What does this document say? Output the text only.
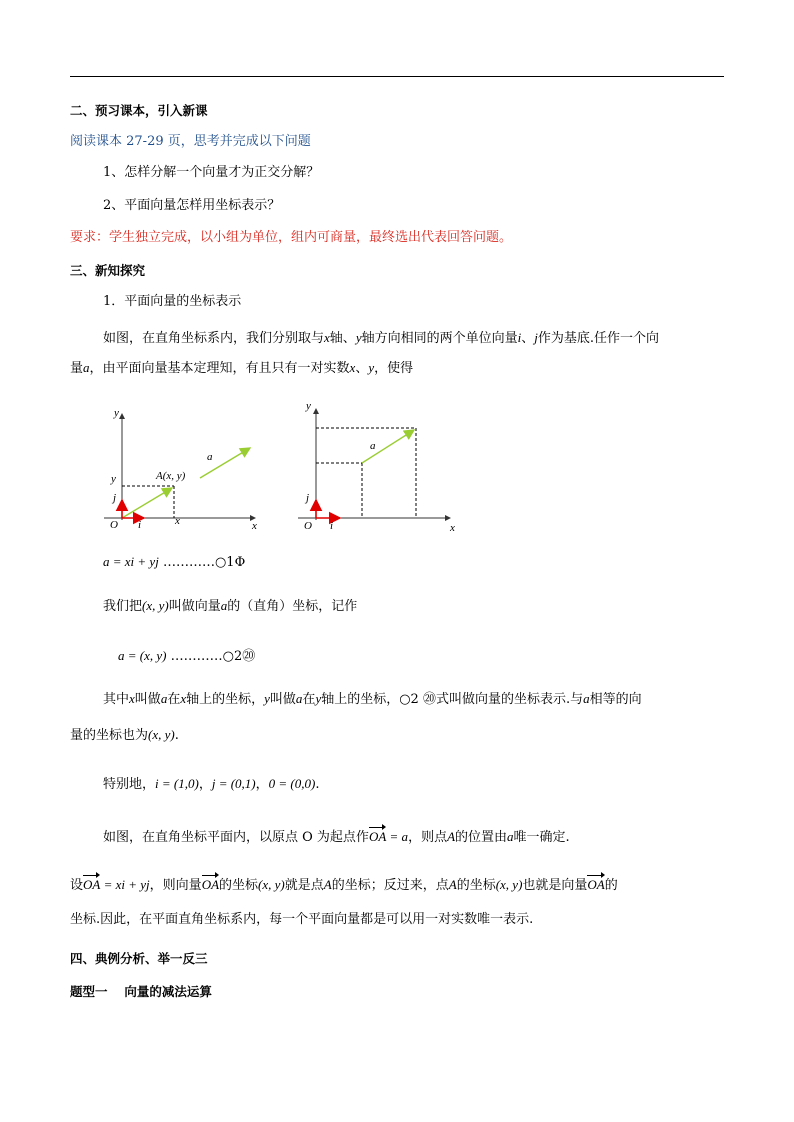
二、预习课本，引入新课
阅读课本 27-29 页，思考并完成以下问题
1、怎样分解一个向量才为正交分解？
2、平面向量怎样用坐标表示？
要求：学生独立完成，以小组为单位，组内可商量，最终选出代表回答问题。
三、新知探究
1．平面向量的坐标表示
如图，在直角坐标系内，我们分别取与x轴、y轴方向相同的两个单位向量i、j作为基底.任作一个向
量a，由平面向量基本定理知，有且只有一对实数x、y，使得
y
x
O i
j
y
x
A(x, y)
a
y
x
O i
j
a
a = xi + yj …………○1Φ
我们把(x, y)叫做向量a的（直角）坐标，记作
a = (x, y) …………○2⑳
其中x叫做a在x轴上的坐标，y叫做a在y轴上的坐标，○2 ⑳式叫做向量的坐标表示.与a相等的向
量的坐标也为(x, y).
特别地，i = (1,0)，j = (0,1)，0 = (0,0).
如图，在直角坐标平面内，以原点 O 为起点作OA = a，则点A的位置由a唯一确定.
设OA = xi + yj，则向量OA的坐标(x, y)就是点A的坐标；反过来，点A的坐标(x, y)也就是向量OA的
坐标.因此，在平面直角坐标系内，每一个平面向量都是可以用一对实数唯一表示.
四、典例分析、举一反三
题型一　 向量的减法运算
